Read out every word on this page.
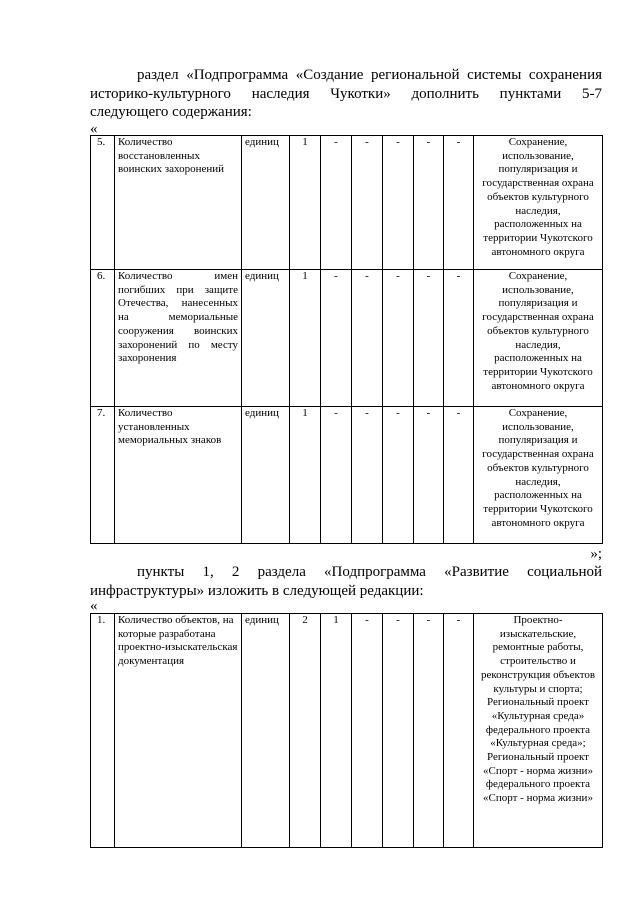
раздел «Подпрограмма «Создание региональной системы сохранения
историко-культурного наследия Чукотки» дополнить пунктами 5-7
следующего содержания:
«
5.	Количество восстановленных воинских захоронений	единиц	1	-	-	-	-	-	Сохранение, использование, популяризация и государственная охрана объектов культурного наследия, расположенных на территории Чукотского автономного округа
6.	Количество имен погибших при защите Отечества, нанесенных на мемориальные сооружения воинских захоронений по месту захоронения	единиц	1	-	-	-	-	-	Сохранение, использование, популяризация и государственная охрана объектов культурного наследия, расположенных на территории Чукотского автономного округа
7.	Количество установленных мемориальных знаков	единиц	1	-	-	-	-	-	Сохранение, использование, популяризация и государственная охрана объектов культурного наследия, расположенных на территории Чукотского автономного округа
»;
пункты 1, 2 раздела «Подпрограмма «Развитие социальной
инфраструктуры» изложить в следующей редакции:
«
1.	Количество объектов, на которые разработана проектно-изыскательская документация	единиц	2	1	-	-	-	-	Проектно-изыскательские, ремонтные работы, строительство и реконструкция объектов культуры и спорта; Региональный проект «Культурная среда» федерального проекта «Культурная среда»; Региональный проект «Спорт - норма жизни» федерального проекта «Спорт - норма жизни»
